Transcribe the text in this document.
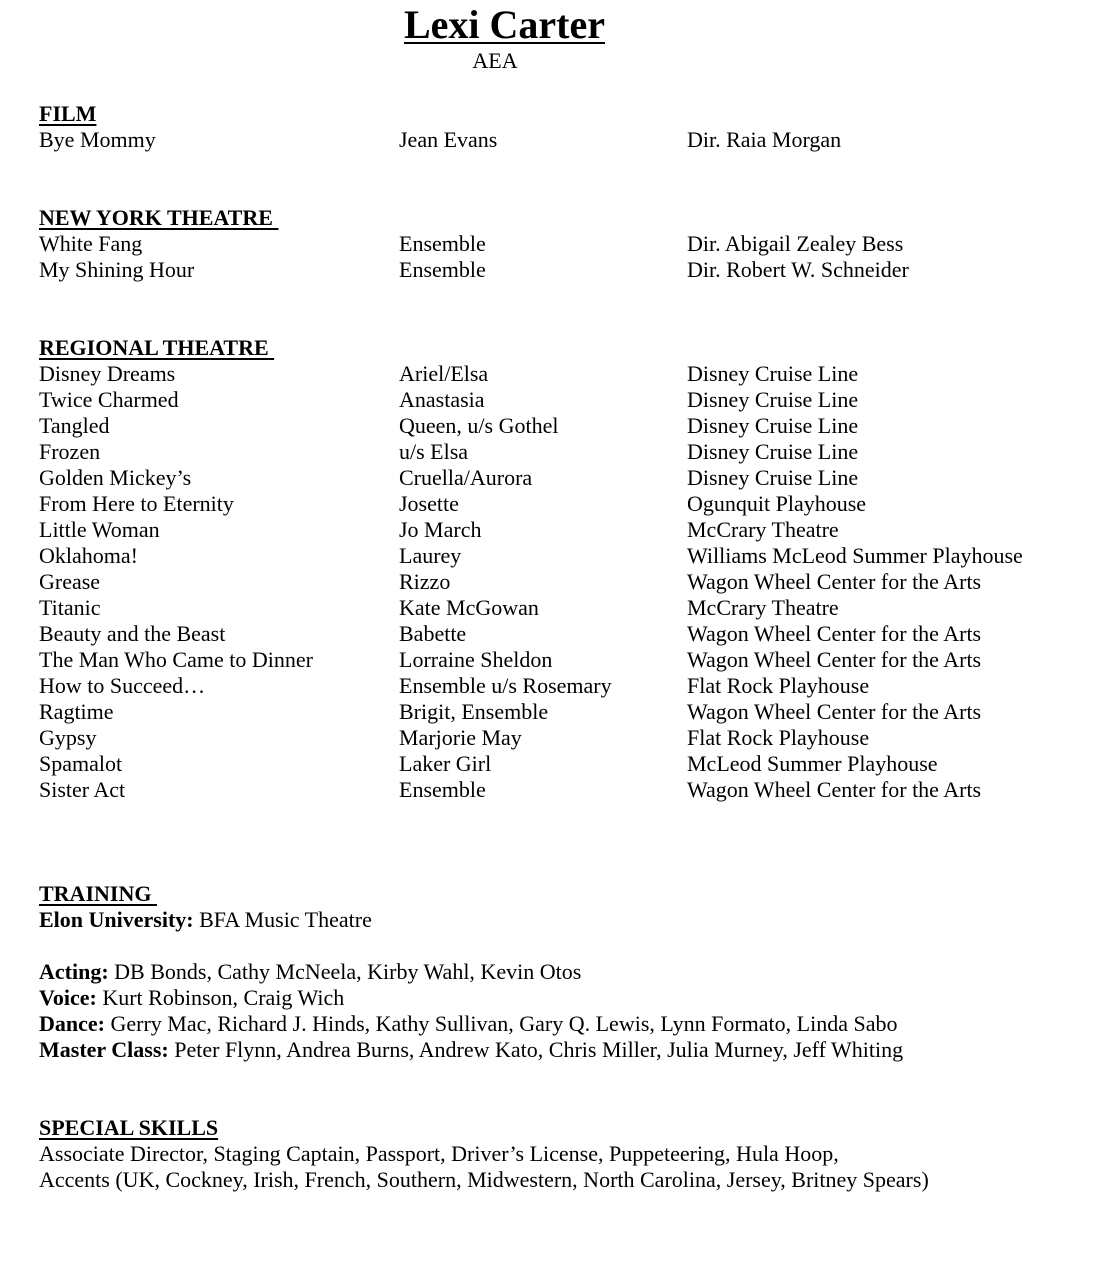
Lexi Carter
AEA
FILM
Bye Mommy	Jean Evans	Dir. Raia Morgan
NEW YORK THEATRE
White Fang	Ensemble	Dir. Abigail Zealey Bess
My Shining Hour	Ensemble	Dir. Robert W. Schneider
REGIONAL THEATRE
Disney Dreams	Ariel/Elsa	Disney Cruise Line
Twice Charmed	Anastasia	Disney Cruise Line
Tangled	Queen, u/s Gothel	Disney Cruise Line
Frozen	u/s Elsa	Disney Cruise Line
Golden Mickey’s	Cruella/Aurora	Disney Cruise Line
From Here to Eternity	Josette	Ogunquit Playhouse
Little Woman	Jo March	McCrary Theatre
Oklahoma!	Laurey	Williams McLeod Summer Playhouse
Grease	Rizzo	Wagon Wheel Center for the Arts
Titanic	Kate McGowan	McCrary Theatre
Beauty and the Beast	Babette	Wagon Wheel Center for the Arts
The Man Who Came to Dinner	Lorraine Sheldon	Wagon Wheel Center for the Arts
How to Succeed…	Ensemble u/s Rosemary	Flat Rock Playhouse
Ragtime	Brigit, Ensemble	Wagon Wheel Center for the Arts
Gypsy	Marjorie May	Flat Rock Playhouse
Spamalot	Laker Girl	McLeod Summer Playhouse
Sister Act	Ensemble	Wagon Wheel Center for the Arts
TRAINING
Elon University: BFA Music Theatre
Acting: DB Bonds, Cathy McNeela, Kirby Wahl, Kevin Otos
Voice: Kurt Robinson, Craig Wich
Dance: Gerry Mac, Richard J. Hinds, Kathy Sullivan, Gary Q. Lewis, Lynn Formato, Linda Sabo
Master Class: Peter Flynn, Andrea Burns, Andrew Kato, Chris Miller, Julia Murney, Jeff Whiting
SPECIAL SKILLS
Associate Director, Staging Captain, Passport, Driver’s License, Puppeteering, Hula Hoop,
Accents (UK, Cockney, Irish, French, Southern, Midwestern, North Carolina, Jersey, Britney Spears)
